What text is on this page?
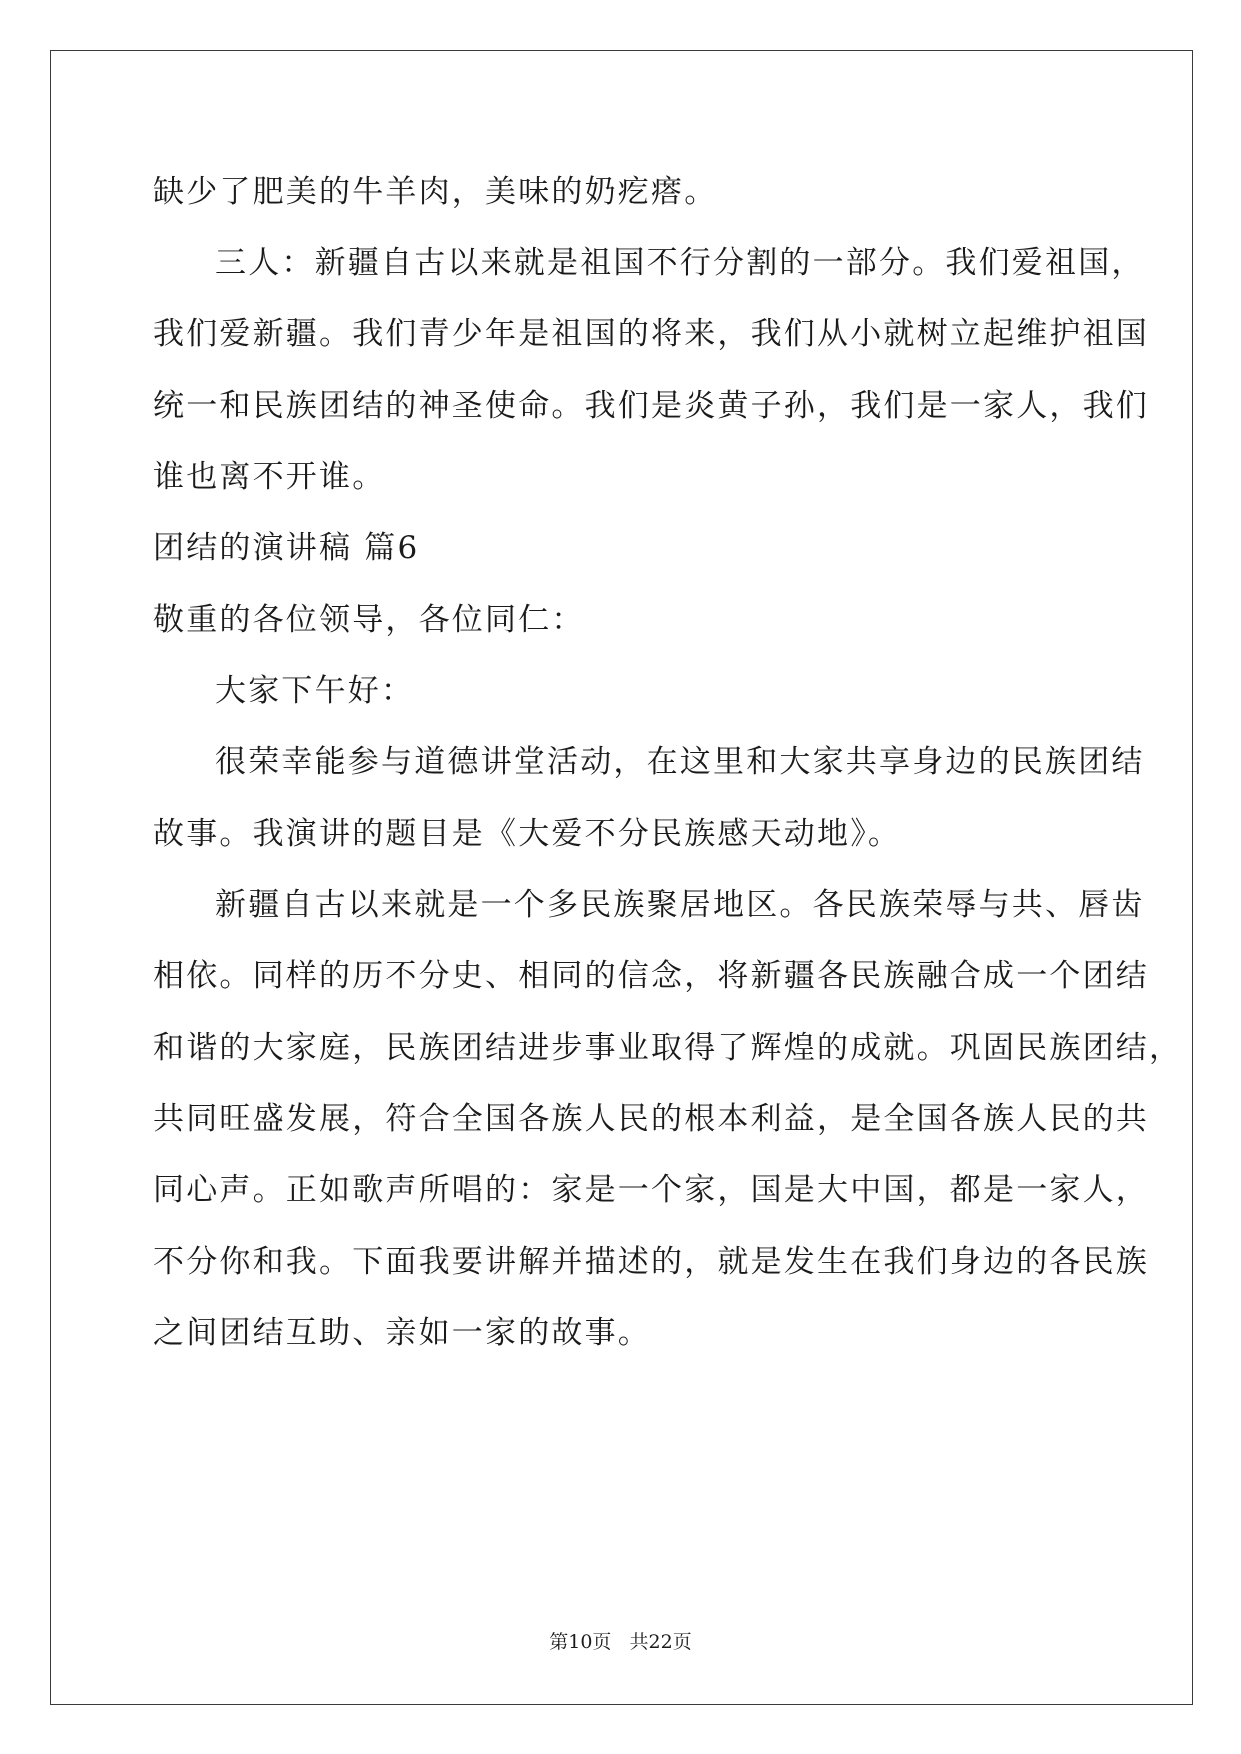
缺少了肥美的牛羊肉，美味的奶疙瘩。
三人：新疆自古以来就是祖国不行分割的一部分。我们爱祖国，
我们爱新疆。我们青少年是祖国的将来，我们从小就树立起维护祖国
统一和民族团结的神圣使命。我们是炎黄子孙，我们是一家人，我们
谁也离不开谁。
团结的演讲稿 篇6
敬重的各位领导，各位同仁：
大家下午好：
很荣幸能参与道德讲堂活动，在这里和大家共享身边的民族团结
故事。我演讲的题目是《大爱不分民族感天动地》。
新疆自古以来就是一个多民族聚居地区。各民族荣辱与共、唇齿
相依。同样的历不分史、相同的信念，将新疆各民族融合成一个团结
和谐的大家庭，民族团结进步事业取得了辉煌的成就。巩固民族团结，
共同旺盛发展，符合全国各族人民的根本利益，是全国各族人民的共
同心声。正如歌声所唱的：家是一个家，国是大中国，都是一家人，
不分你和我。下面我要讲解并描述的，就是发生在我们身边的各民族
之间团结互助、亲如一家的故事。
第10页   共22页
